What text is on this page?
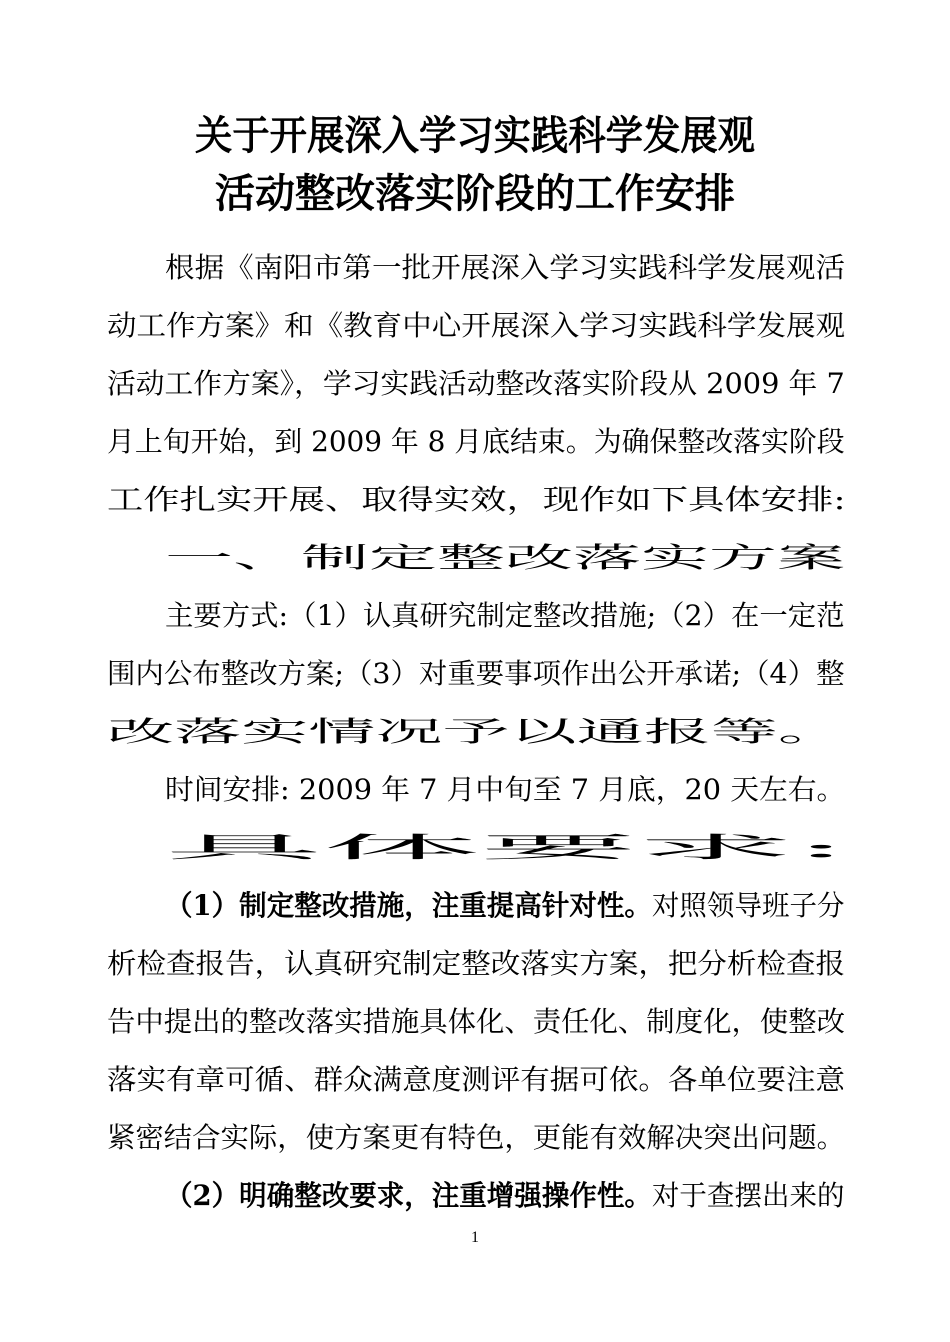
关于开展深入学习实践科学发展观
活动整改落实阶段的工作安排
根据《南阳市第一批开展深入学习实践科学发展观活
动工作方案》和《教育中心开展深入学习实践科学发展观
活动工作方案》，学习实践活动整改落实阶段从 2009 年 7
月上旬开始，到 2009 年 8 月底结束。为确保整改落实阶段
工作扎实开展、取得实效，现作如下具体安排:
一、制定整改落实方案
主要方式:（1）认真研究制定整改措施;（2）在一定范
围内公布整改方案;（3）对重要事项作出公开承诺;（4）整
改落实情况予以通报等。
时间安排: 2009 年 7 月中旬至 7 月底，20 天左右。
具体要求:
（1）制定整改措施，注重提高针对性。对照领导班子分
析检查报告，认真研究制定整改落实方案，把分析检查报
告中提出的整改落实措施具体化、责任化、制度化，使整改
落实有章可循、群众满意度测评有据可依。各单位要注意
紧密结合实际，使方案更有特色，更能有效解决突出问题。
（2）明确整改要求，注重增强操作性。对于查摆出来的
1
